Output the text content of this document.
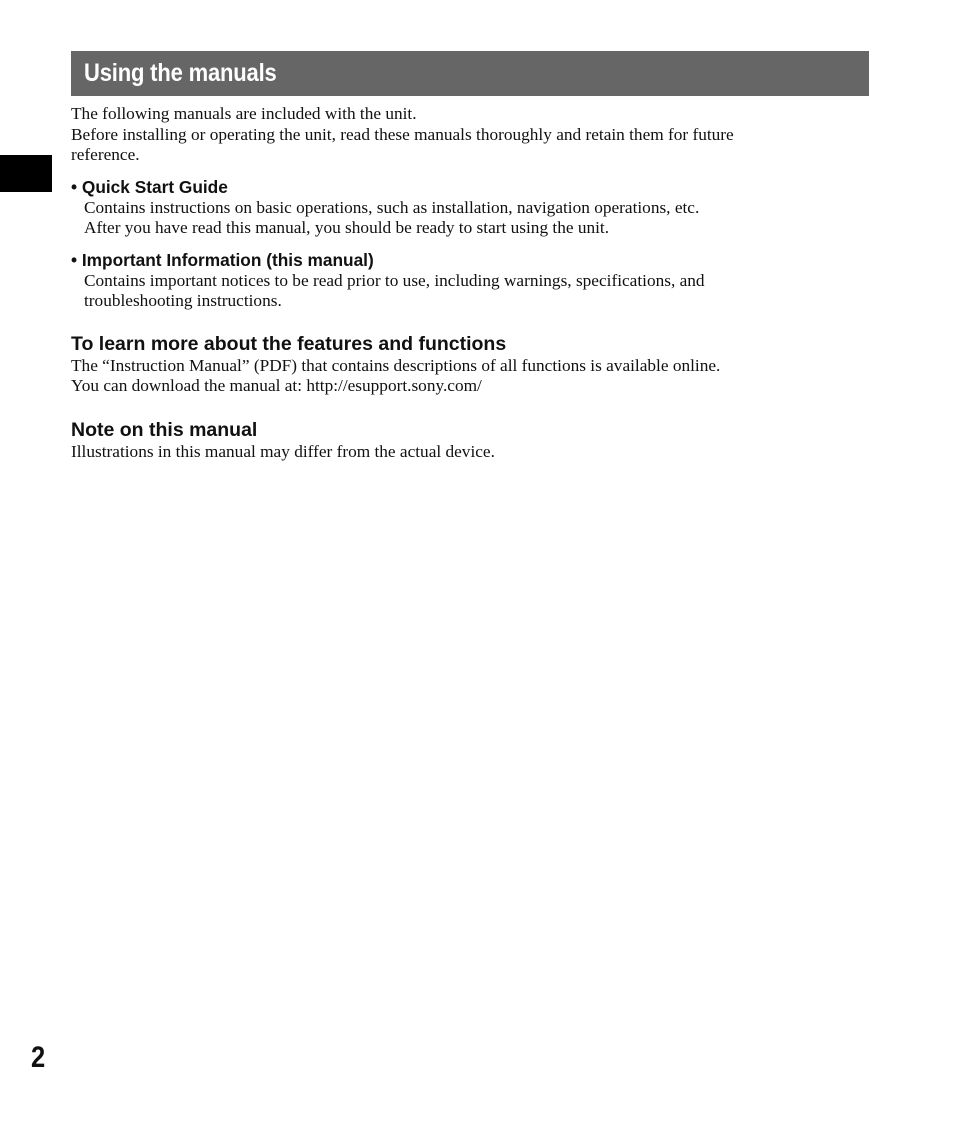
Using the manuals
The following manuals are included with the unit.
Before installing or operating the unit, read these manuals thoroughly and retain them for future
reference.
• Quick Start Guide
Contains instructions on basic operations, such as installation, navigation operations, etc.
After you have read this manual, you should be ready to start using the unit.
• Important Information (this manual)
Contains important notices to be read prior to use, including warnings, specifications, and
troubleshooting instructions.
To learn more about the features and functions
The “Instruction Manual” (PDF) that contains descriptions of all functions is available online.
You can download the manual at: http://esupport.sony.com/
Note on this manual
Illustrations in this manual may differ from the actual device.
2
